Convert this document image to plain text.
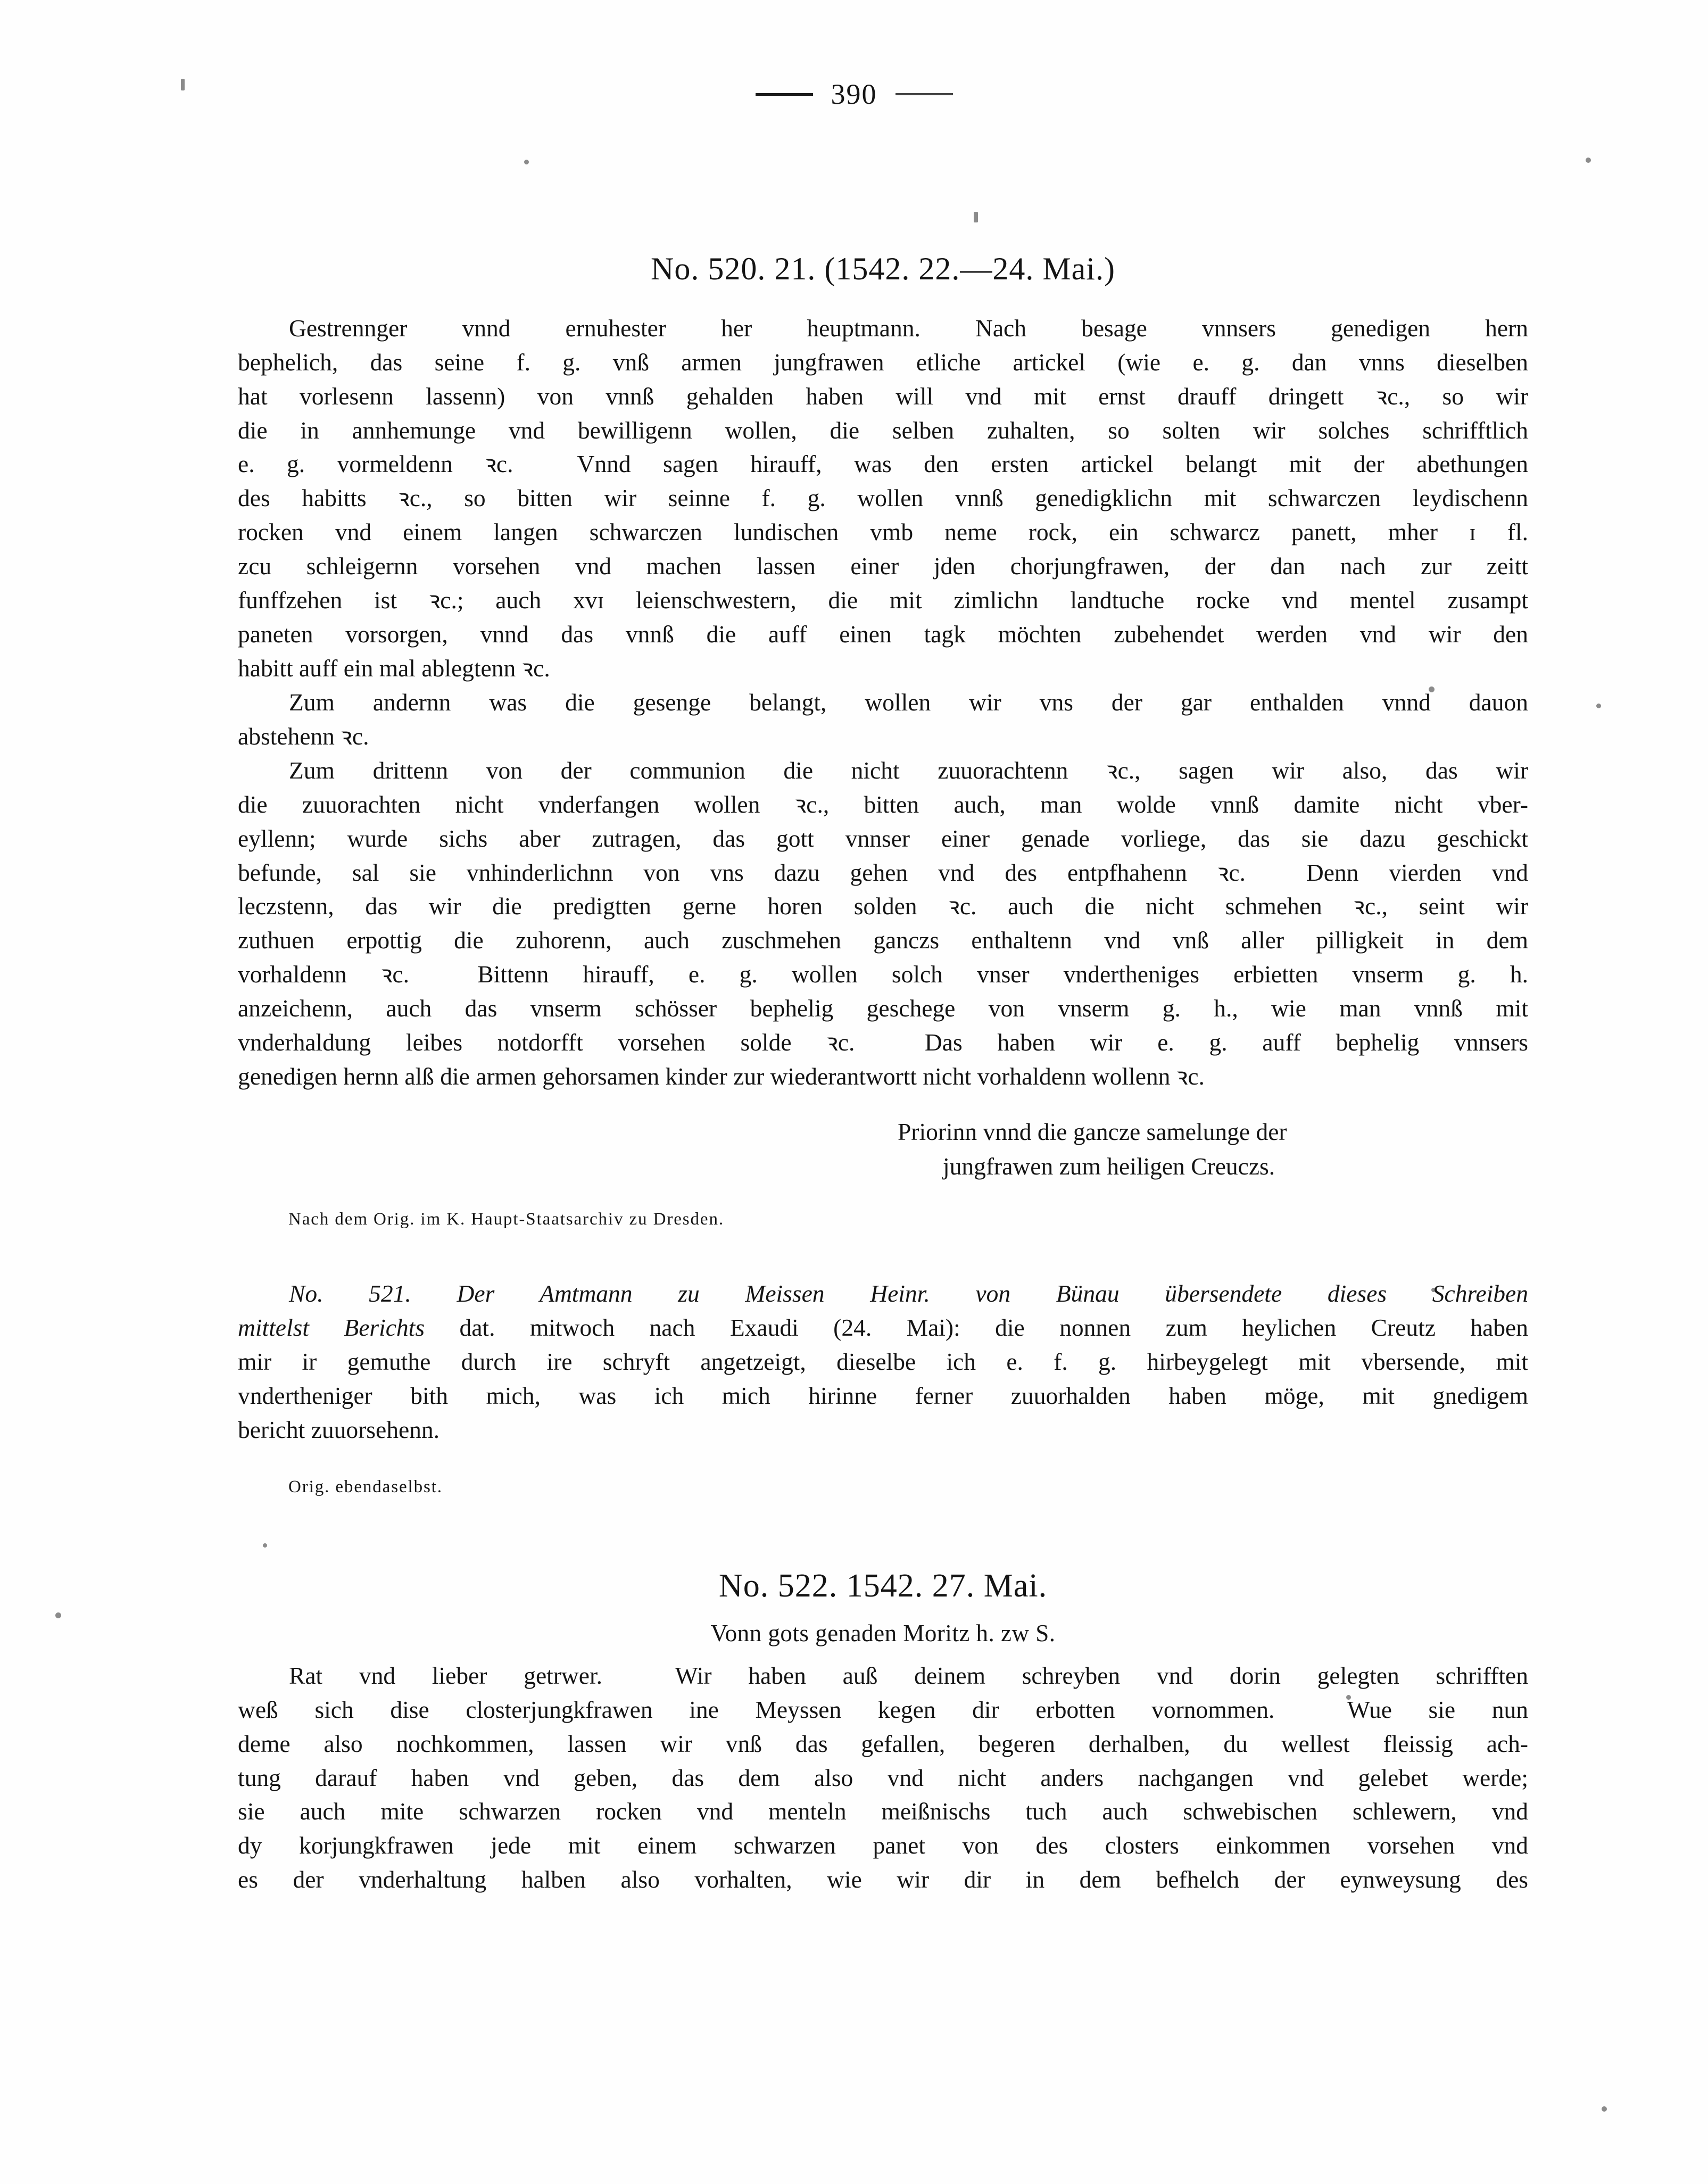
390
No. 520. 21. (1542. 22.—24. Mai.)

Gestrennger vnnd ernuhester her heuptmann. Nach besage vnnsers genedigen hern
bephelich, das seine f. g. vnß armen jungfrawen etliche artickel (wie e. g. dan vnns dieselben
hat vorlesenn lassenn) von vnnß gehalden haben will vnd mit ernst drauff dringett ꝛc., so wir
die in annhemunge vnd bewilligenn wollen, die selben zuhalten, so solten wir solches schrifftlich
e. g. vormeldenn ꝛc.  Vnnd sagen hirauff, was den ersten artickel belangt mit der abethungen
des habitts ꝛc., so bitten wir seinne f. g. wollen vnnß genedigklichn mit schwarczen leydischenn
rocken vnd einem langen schwarczen lundischen vmb neme rock, ein schwarcz panett, mher ɪ fl.
zcu schleigernn vorsehen vnd machen lassen einer jden chorjungfrawen, der dan nach zur zeitt
funffzehen ist ꝛc.; auch xvɪ leienschwestern, die mit zimlichn landtuche rocke vnd mentel zusampt
paneten vorsorgen, vnnd das vnnß die auff einen tagk möchten zubehendet werden vnd wir den
habitt auff ein mal ablegtenn ꝛc.

Zum andernn was die gesenge belangt, wollen wir vns der gar enthalden vnnd dauon
abstehenn ꝛc.

Zum drittenn von der communion die nicht zuuorachtenn ꝛc., sagen wir also, das wir
die zuuorachten nicht vnderfangen wollen ꝛc., bitten auch, man wolde vnnß damite nicht vber-
eyllenn; wurde sichs aber zutragen, das gott vnnser einer genade vorliege, das sie dazu geschickt
befunde, sal sie vnhinderlichnn von vns dazu gehen vnd des entpfhahenn ꝛc.  Denn vierden vnd
leczstenn, das wir die predigtten gerne horen solden ꝛc. auch die nicht schmehen ꝛc., seint wir
zuthuen erpottig die zuhorenn, auch zuschmehen ganczs enthaltenn vnd vnß aller pilligkeit in dem
vorhaldenn ꝛc.  Bittenn hirauff, e. g. wollen solch vnser vndertheniges erbietten vnserm g. h.
anzeichenn, auch das vnserm schösser bephelig geschege von vnserm g. h., wie man vnnß mit
vnderhaldung leibes notdorfft vorsehen solde ꝛc.  Das haben wir e. g. auff bephelig vnnsers
genedigen hernn alß die armen gehorsamen kinder zur wiederantwortt nicht vorhaldenn wollenn ꝛc.

Priorinn vnnd die gancze samelunge der
jungfrawen zum heiligen Creuczs.
Nach dem Orig. im K. Haupt-Staatsarchiv zu Dresden.

No. 521. Der Amtmann zu Meissen Heinr. von Bünau übersendete dieses Schreiben
mittelst Berichts dat. mitwoch nach Exaudi (24. Mai): die nonnen zum heylichen Creutz haben
mir ir gemuthe durch ire schryft angetzeigt, dieselbe ich e. f. g. hirbeygelegt mit vbersende, mit
vndertheniger bith mich, was ich mich hirinne ferner zuuorhalden haben möge, mit gnedigem
bericht zuuorsehenn.

Orig. ebendaselbst.
No. 522. 1542. 27. Mai.
Vonn gots genaden Moritz h. zw S.

Rat vnd lieber getrwer.  Wir haben auß deinem schreyben vnd dorin gelegten schrifften
weß sich dise closterjungkfrawen ine Meyssen kegen dir erbotten vornommen.  Wue sie nun
deme also nochkommen, lassen wir vnß das gefallen, begeren derhalben, du wellest fleissig ach-
tung darauf haben vnd geben, das dem also vnd nicht anders nachgangen vnd gelebet werde;
sie auch mite schwarzen rocken vnd menteln meißnischs tuch auch schwebischen schlewern, vnd
dy korjungkfrawen jede mit einem schwarzen panet von des closters einkommen vorsehen vnd
es der vnderhaltung halben also vorhalten, wie wir dir in dem befhelch der eynweysung des
